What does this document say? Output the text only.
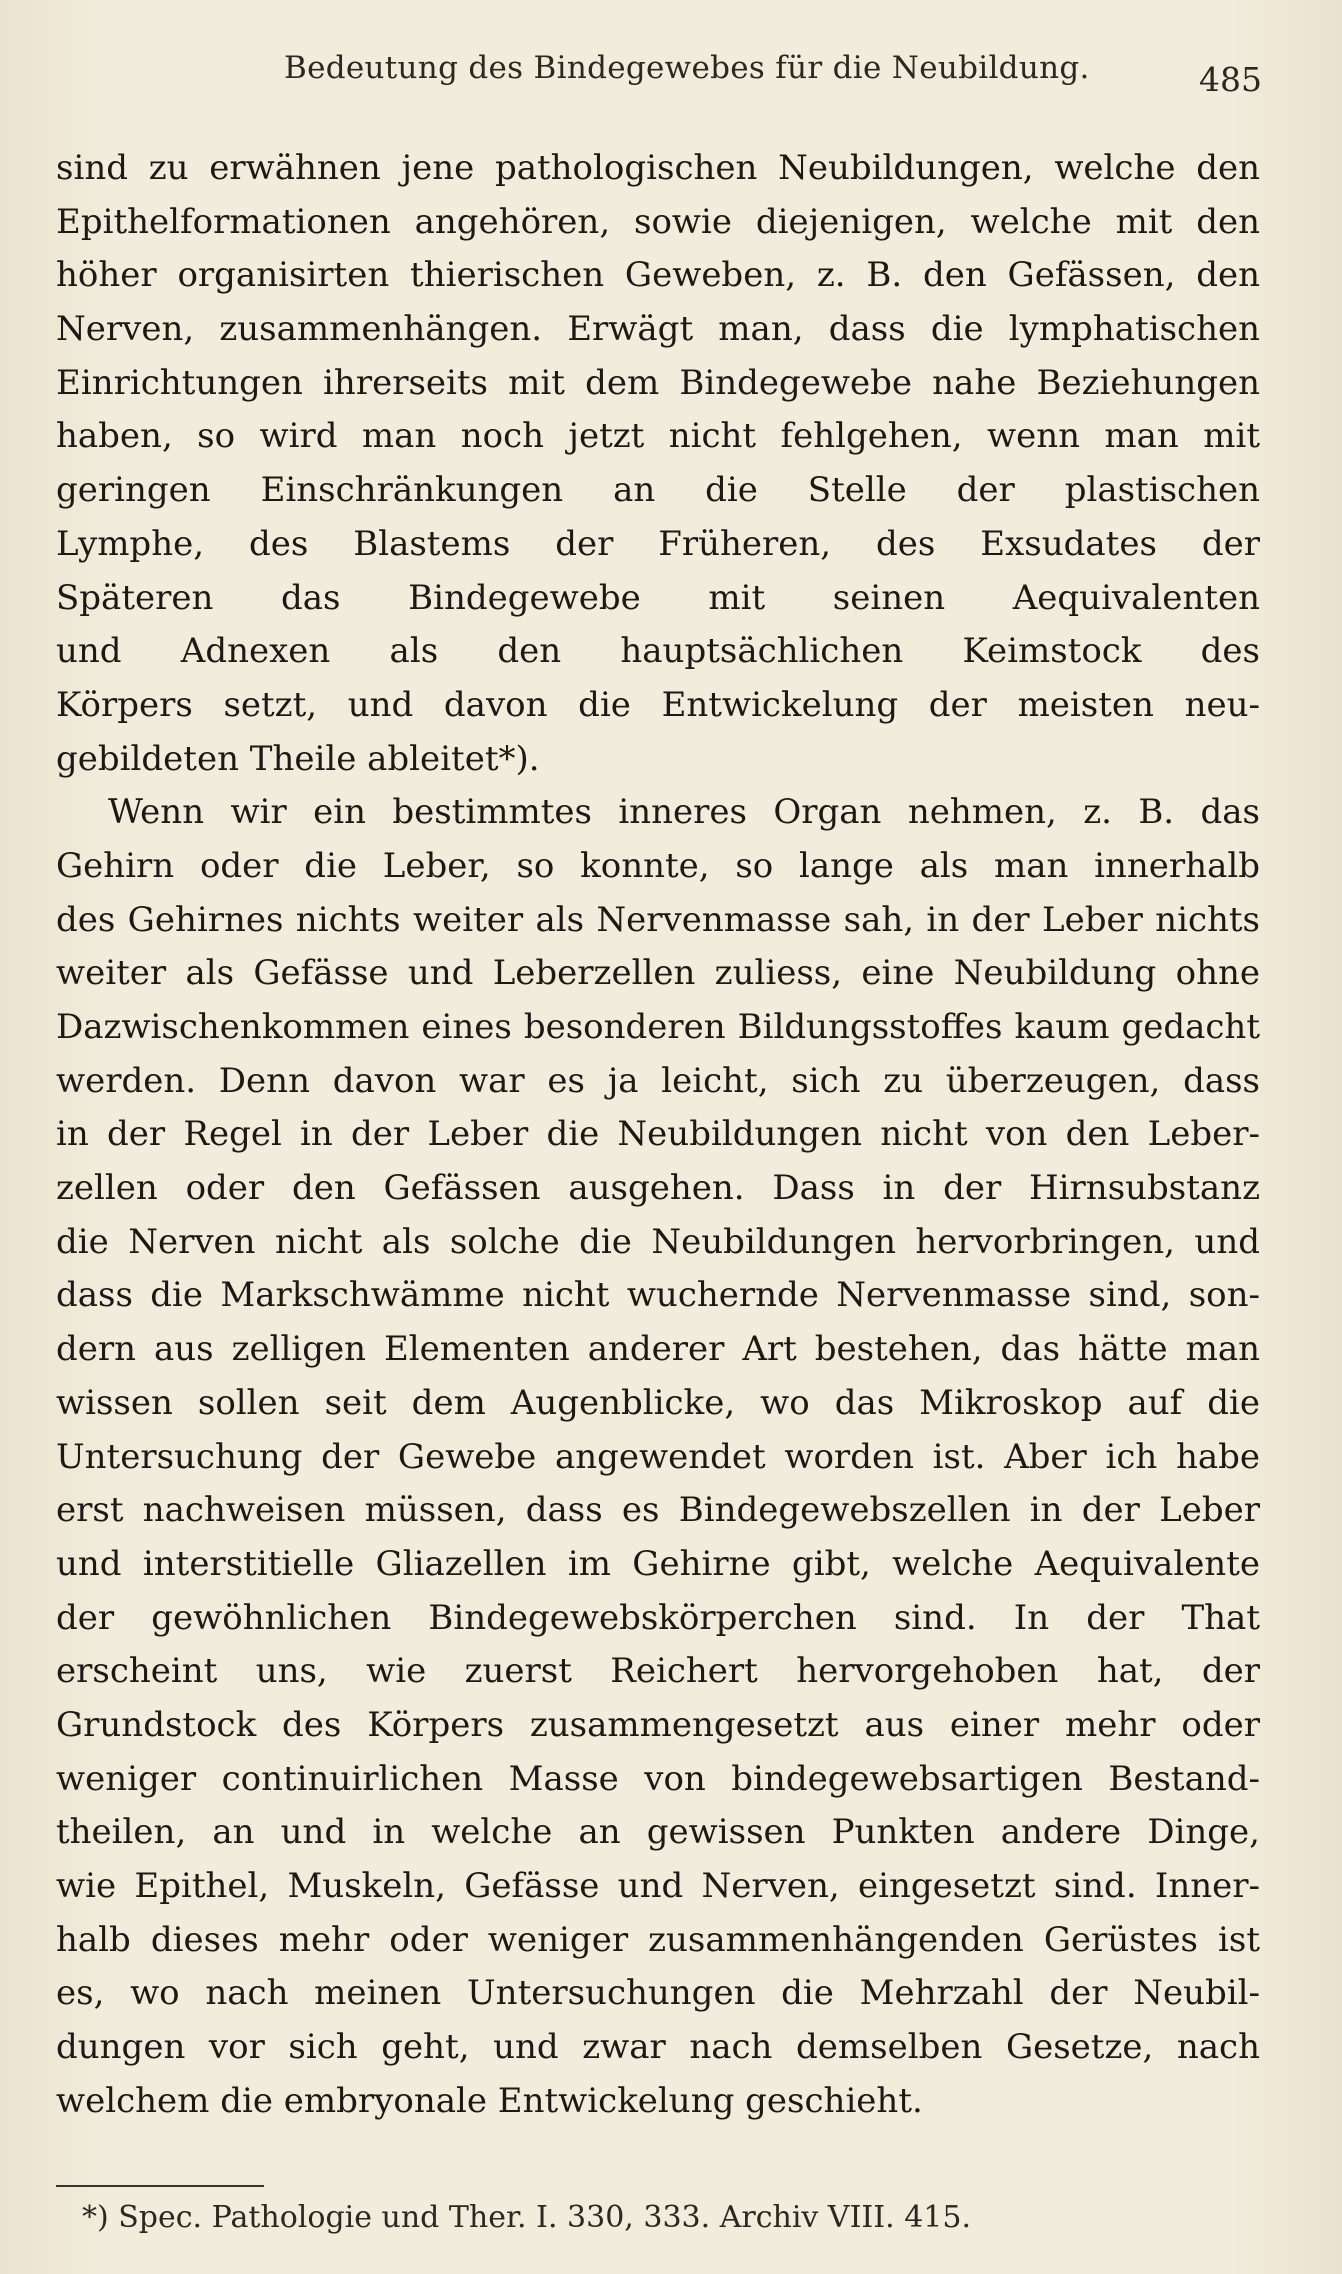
Bedeutung des Bindegewebes für die Neubildung.	485
sind zu erwähnen jene pathologischen Neubildungen, welche den
Epithelformationen angehören, sowie diejenigen, welche mit den
höher organisirten thierischen Geweben, z. B. den Gefässen, den
Nerven, zusammenhängen. Erwägt man, dass die lymphatischen
Einrichtungen ihrerseits mit dem Bindegewebe nahe Beziehungen
haben, so wird man noch jetzt nicht fehlgehen, wenn man mit
geringen Einschränkungen an die Stelle der plastischen
Lymphe, des Blastems der Früheren, des Exsudates der
Späteren das Bindegewebe mit seinen Aequivalenten
und Adnexen als den hauptsächlichen Keimstock des
Körpers setzt, und davon die Entwickelung der meisten neu-
gebildeten Theile ableitet*).
Wenn wir ein bestimmtes inneres Organ nehmen, z. B. das
Gehirn oder die Leber, so konnte, so lange als man innerhalb
des Gehirnes nichts weiter als Nervenmasse sah, in der Leber nichts
weiter als Gefässe und Leberzellen zuliess, eine Neubildung ohne
Dazwischenkommen eines besonderen Bildungsstoffes kaum gedacht
werden. Denn davon war es ja leicht, sich zu überzeugen, dass
in der Regel in der Leber die Neubildungen nicht von den Leber-
zellen oder den Gefässen ausgehen. Dass in der Hirnsubstanz
die Nerven nicht als solche die Neubildungen hervorbringen, und
dass die Markschwämme nicht wuchernde Nervenmasse sind, son-
dern aus zelligen Elementen anderer Art bestehen, das hätte man
wissen sollen seit dem Augenblicke, wo das Mikroskop auf die
Untersuchung der Gewebe angewendet worden ist. Aber ich habe
erst nachweisen müssen, dass es Bindegewebszellen in der Leber
und interstitielle Gliazellen im Gehirne gibt, welche Aequivalente
der gewöhnlichen Bindegewebskörperchen sind. In der That
erscheint uns, wie zuerst Reichert hervorgehoben hat, der
Grundstock des Körpers zusammengesetzt aus einer mehr oder
weniger continuirlichen Masse von bindegewebsartigen Bestand-
theilen, an und in welche an gewissen Punkten andere Dinge,
wie Epithel, Muskeln, Gefässe und Nerven, eingesetzt sind. Inner-
halb dieses mehr oder weniger zusammenhängenden Gerüstes ist
es, wo nach meinen Untersuchungen die Mehrzahl der Neubil-
dungen vor sich geht, und zwar nach demselben Gesetze, nach
welchem die embryonale Entwickelung geschieht.
*) Spec. Pathologie und Ther. I. 330, 333. Archiv VIII. 415.
